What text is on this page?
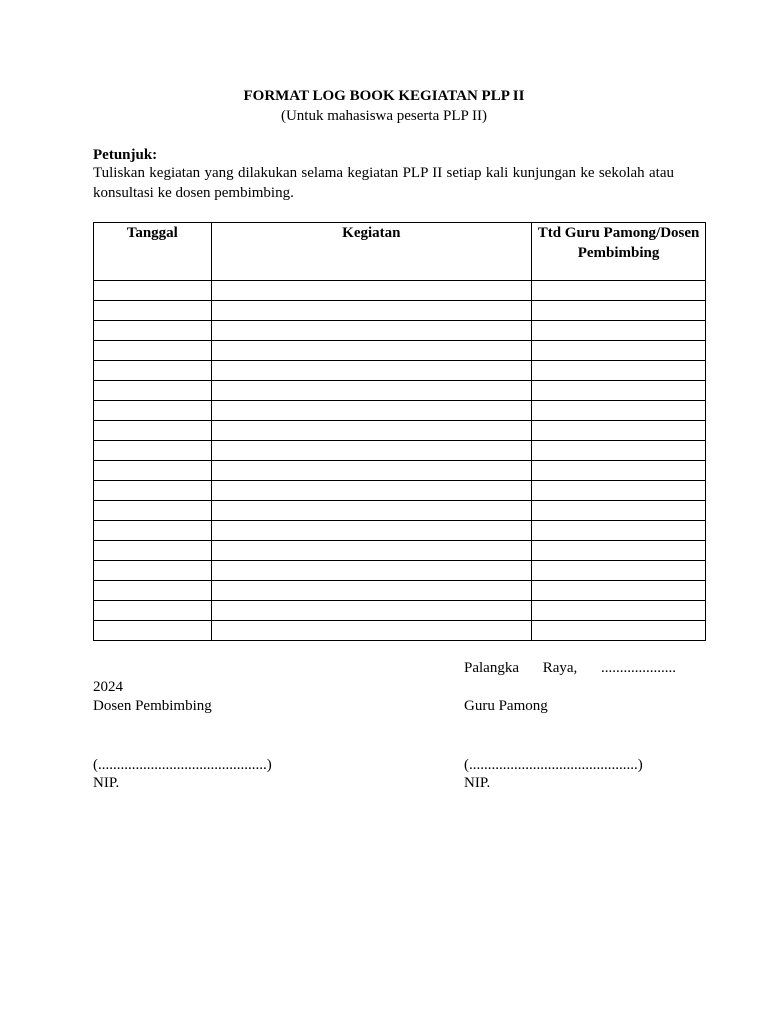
FORMAT LOG BOOK KEGIATAN PLP II
(Untuk mahasiswa peserta PLP II)
Petunjuk:
Tuliskan kegiatan yang dilakukan selama kegiatan PLP II setiap kali kunjungan ke sekolah atau konsultasi ke dosen pembimbing.
Tanggal	Kegiatan	Ttd Guru Pamong/Dosen Pembimbing

Palangka Raya, ....................
2024
Dosen Pembimbing	Guru Pamong
(.............................................)	(.............................................)
NIP.	NIP.
